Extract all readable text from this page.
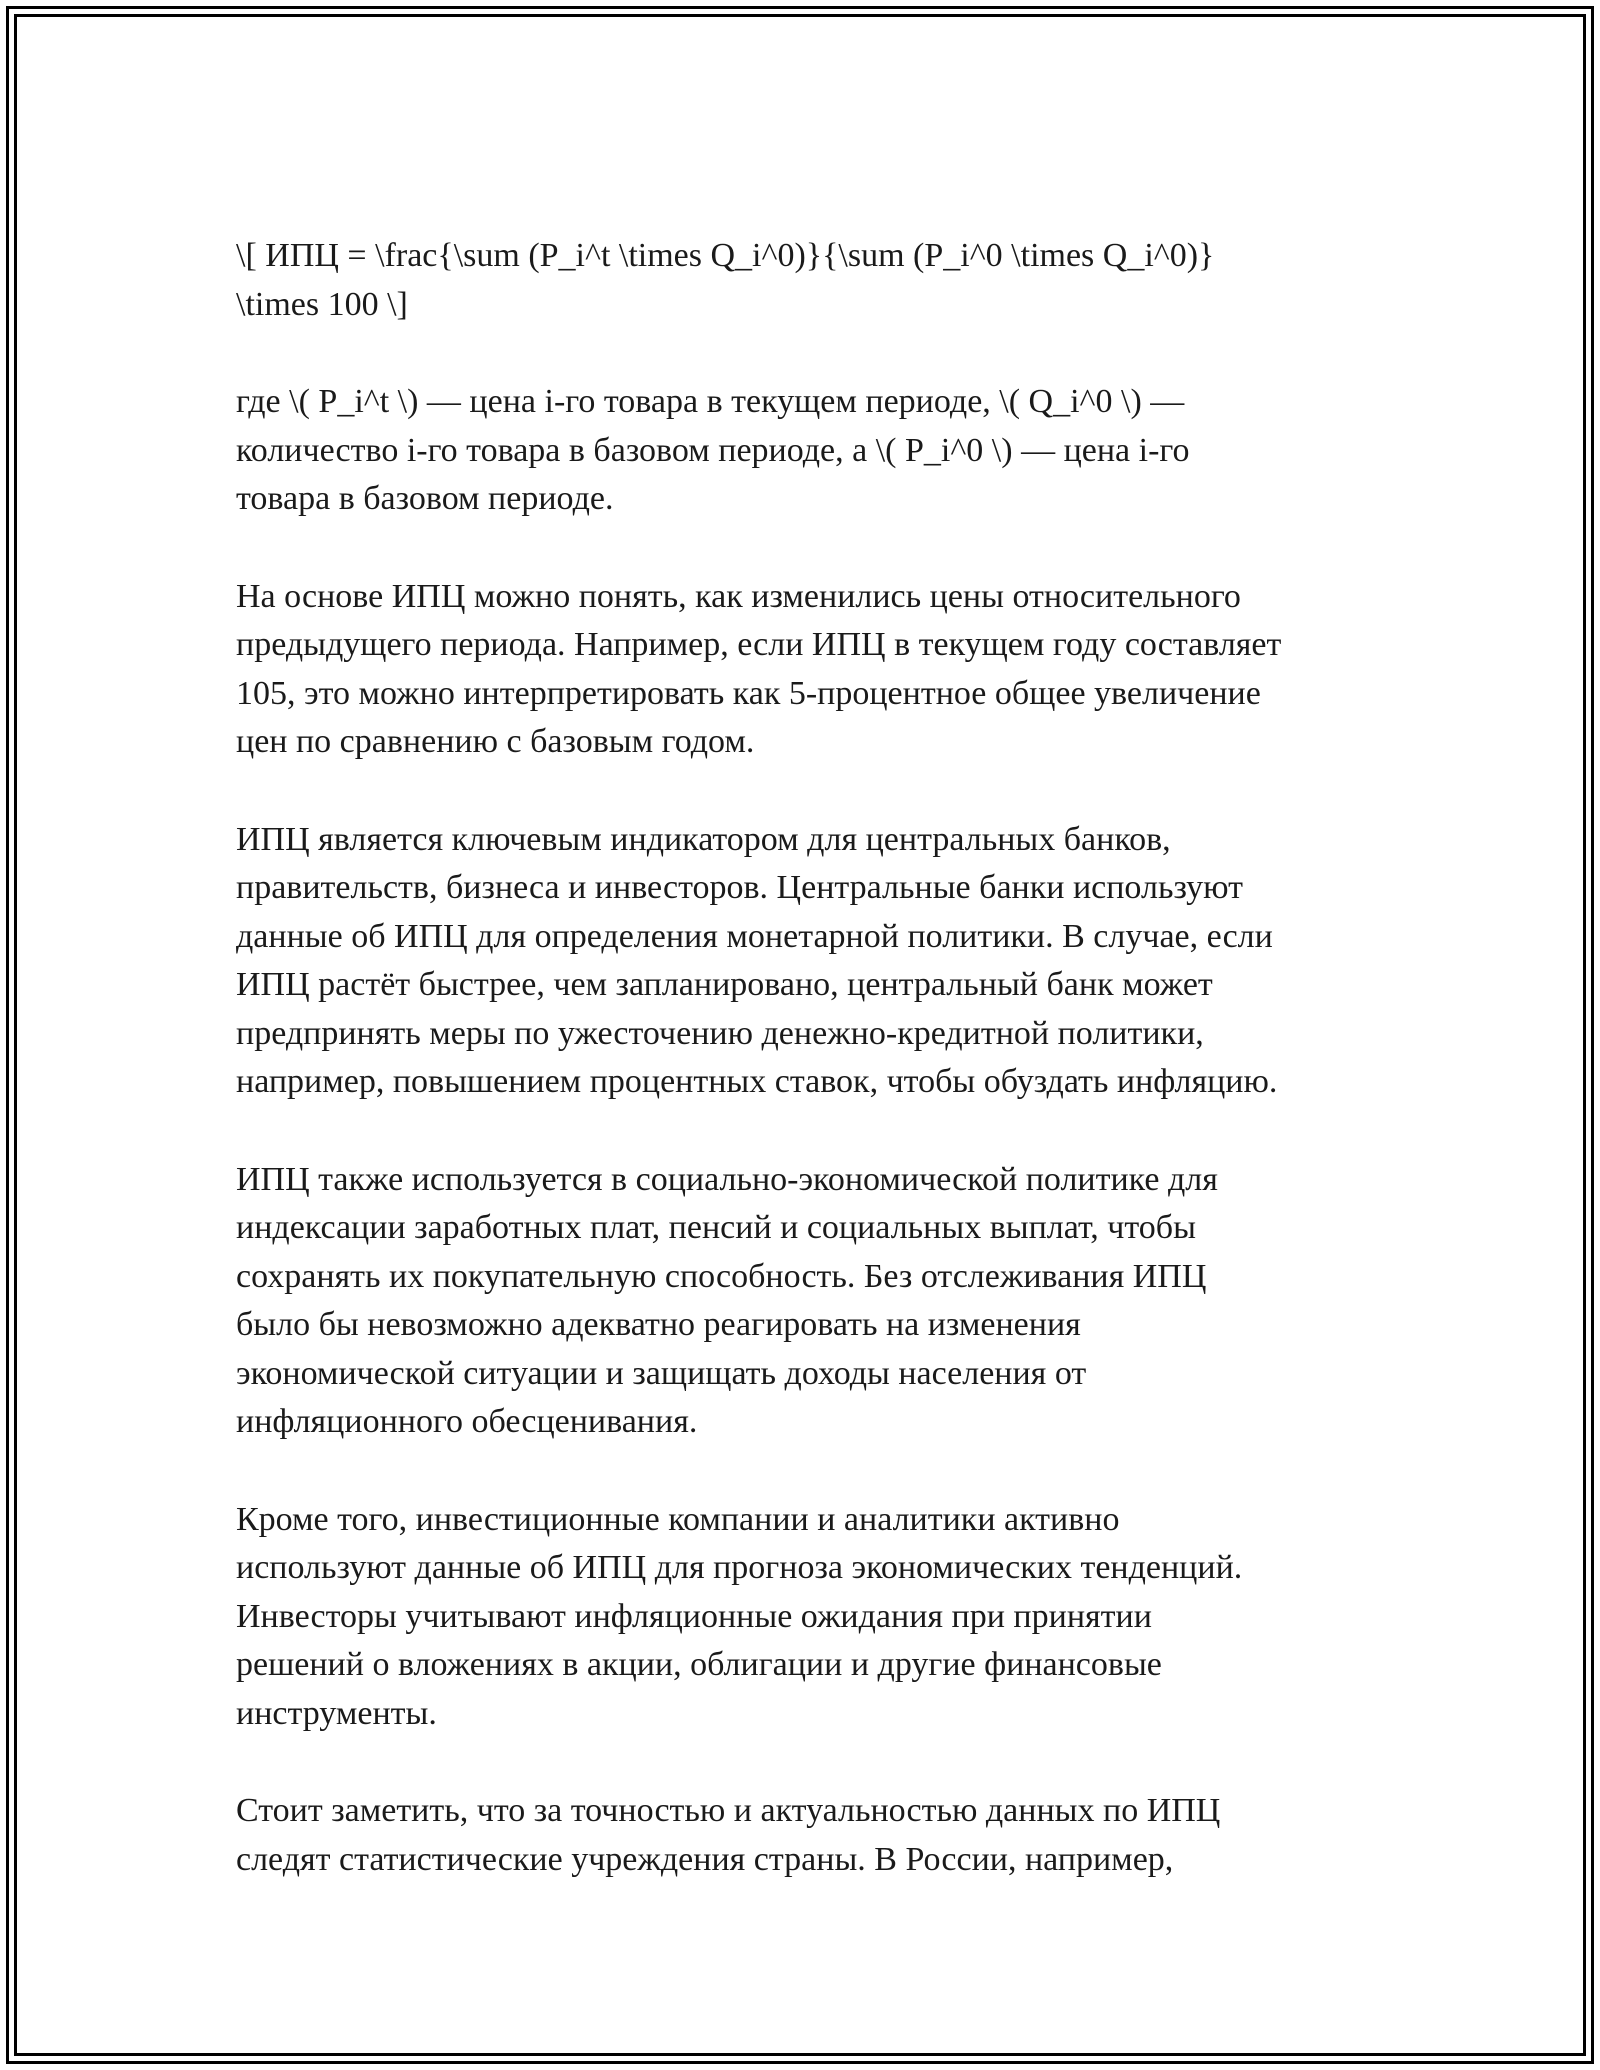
\[ ИПЦ = \frac{\sum (P_i^t \times Q_i^0)}{\sum (P_i^0 \times Q_i^0)}
\times 100 \]

где \( P_i^t \) — цена i-го товара в текущем периоде, \( Q_i^0 \) —
количество i-го товара в базовом периоде, а \( P_i^0 \) — цена i-го
товара в базовом периоде.

На основе ИПЦ можно понять, как изменились цены относительного
предыдущего периода. Например, если ИПЦ в текущем году составляет
105, это можно интерпретировать как 5-процентное общее увеличение
цен по сравнению с базовым годом.

ИПЦ является ключевым индикатором для центральных банков,
правительств, бизнеса и инвесторов. Центральные банки используют
данные об ИПЦ для определения монетарной политики. В случае, если
ИПЦ растёт быстрее, чем запланировано, центральный банк может
предпринять меры по ужесточению денежно-кредитной политики,
например, повышением процентных ставок, чтобы обуздать инфляцию.

ИПЦ также используется в социально-экономической политике для
индексации заработных плат, пенсий и социальных выплат, чтобы
сохранять их покупательную способность. Без отслеживания ИПЦ
было бы невозможно адекватно реагировать на изменения
экономической ситуации и защищать доходы населения от
инфляционного обесценивания.

Кроме того, инвестиционные компании и аналитики активно
используют данные об ИПЦ для прогноза экономических тенденций.
Инвесторы учитывают инфляционные ожидания при принятии
решений о вложениях в акции, облигации и другие финансовые
инструменты.

Стоит заметить, что за точностью и актуальностью данных по ИПЦ
следят статистические учреждения страны. В России, например,
